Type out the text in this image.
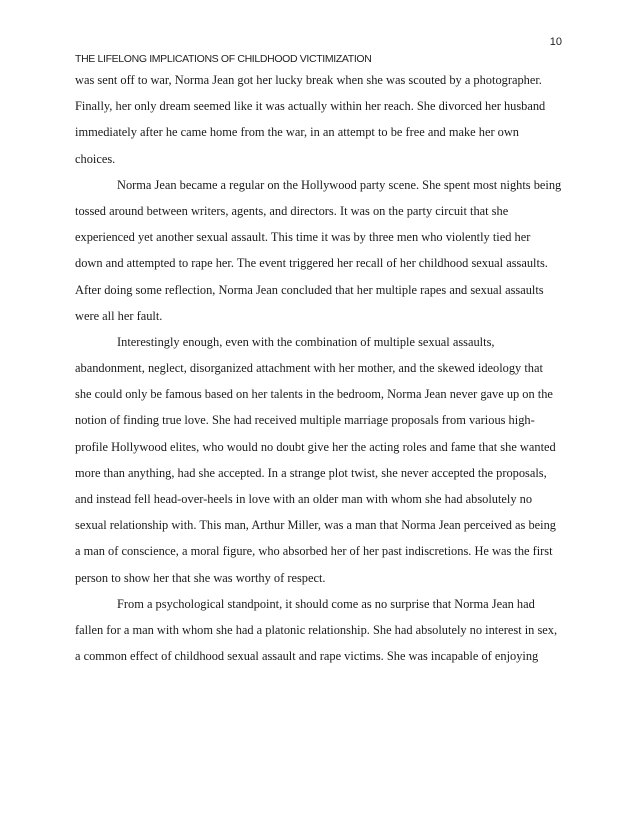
10
THE LIFELONG IMPLICATIONS OF CHILDHOOD VICTIMIZATION
was sent off to war, Norma Jean got her lucky break when she was scouted by a photographer.
Finally, her only dream seemed like it was actually within her reach. She divorced her husband
immediately after he came home from the war, in an attempt to be free and make her own
choices.
Norma Jean became a regular on the Hollywood party scene. She spent most nights being
tossed around between writers, agents, and directors. It was on the party circuit that she
experienced yet another sexual assault. This time it was by three men who violently tied her
down and attempted to rape her. The event triggered her recall of her childhood sexual assaults.
After doing some reflection, Norma Jean concluded that her multiple rapes and sexual assaults
were all her fault.
Interestingly enough, even with the combination of multiple sexual assaults,
abandonment, neglect, disorganized attachment with her mother, and the skewed ideology that
she could only be famous based on her talents in the bedroom, Norma Jean never gave up on the
notion of finding true love. She had received multiple marriage proposals from various high-
profile Hollywood elites, who would no doubt give her the acting roles and fame that she wanted
more than anything, had she accepted. In a strange plot twist, she never accepted the proposals,
and instead fell head-over-heels in love with an older man with whom she had absolutely no
sexual relationship with. This man, Arthur Miller, was a man that Norma Jean perceived as being
a man of conscience, a moral figure, who absorbed her of her past indiscretions. He was the first
person to show her that she was worthy of respect.
From a psychological standpoint, it should come as no surprise that Norma Jean had
fallen for a man with whom she had a platonic relationship. She had absolutely no interest in sex,
a common effect of childhood sexual assault and rape victims. She was incapable of enjoying
